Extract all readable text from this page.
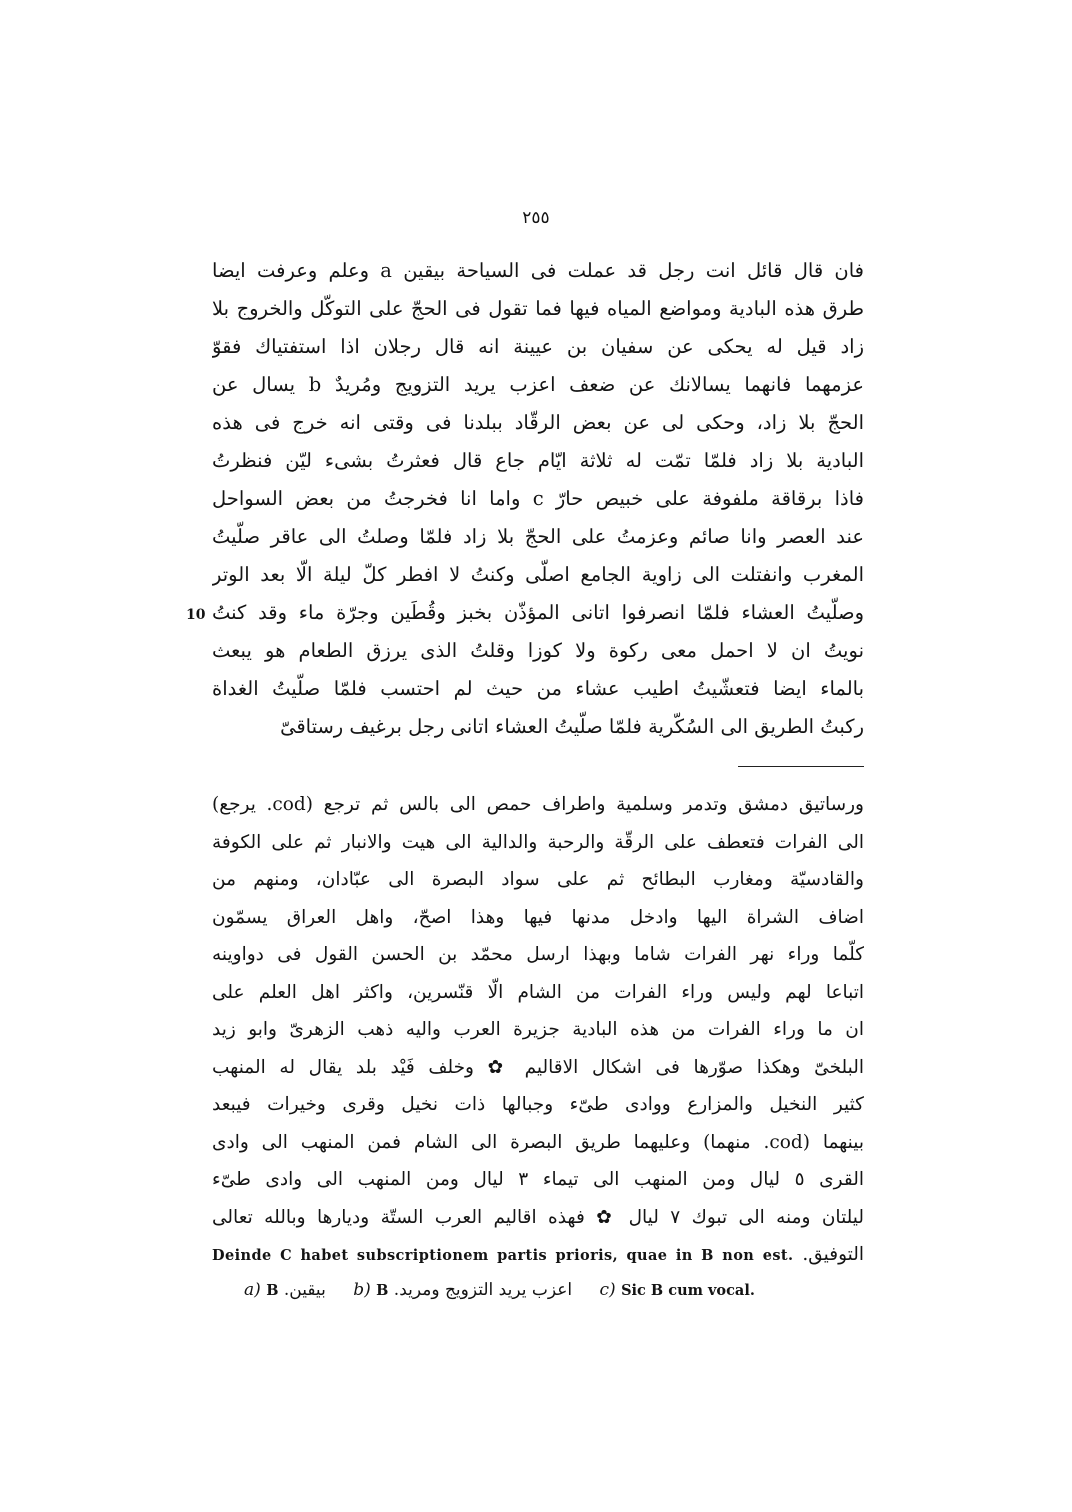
٢٥٥
فان قال قائل انت رجل قد عملت فى السياحة بيقين a وعلم وعرفت ايضا
طرق هذه البادية ومواضع المياه فيها فما تقول فى الحجّ على التوكّل والخروج بلا
زاد قيل له يحكى عن سفيان بن عيينة انه قال رجلان اذا استفتياك فقوّ
عزمهما فانهما يسالانك عن ضعف اعزب يريد التزويج ومُريدٌ b يسال عن
الحجّ بلا زاد، وحكى لى عن بعض الرقّاد ببلدنا فى وقتى انه خرج فى هذه
البادية بلا زاد فلمّا تمّت له ثلاثة ايّام جاع قال فعثرتُ بشىء ليّن فنظرتُ
فاذا برقاقة ملفوفة على خبيص حارّ c واما انا فخرجتُ من بعض السواحل
عند العصر وانا صائم وعزمتُ على الحجّ بلا زاد فلمّا وصلتُ الى عاقر صلّيتُ
المغرب وانفتلت الى زاوية الجامع اصلّى وكنتُ لا افطر كلّ ليلة الّا بعد الوتر
وصلّيتُ العشاء فلمّا انصرفوا اتانى المؤذّن بخبز وقُطَين وجرّة ماء وقد كنتُ
نويتُ ان لا احمل معى ركوة ولا كوزا وقلتُ الذى يرزق الطعام هو يبعث
بالماء ايضا فتعشّيتُ اطيب عشاء من حيث لم احتسب فلمّا صلّيتُ الغداة
ركبتُ الطريق الى السُكّرية فلمّا صلّيتُ العشاء اتانى رجل برغيف رستاقىّ
10
ورساتيق دمشق وتدمر وسلمية واطراف حمص الى بالس ثم ترجع (cod. يرجع)
الى الفرات فتعطف على الرقّة والرحبة والدالية الى هيت والانبار ثم على الكوفة
والقادسيّة ومغارب البطائح ثم على سواد البصرة الى عبّادان، ومنهم من
اضاف الشراة اليها وادخل مدنها فيها وهذا اصحّ، واهل العراق يسمّون
كلّما وراء نهر الفرات شاما وبهذا ارسل محمّد بن الحسن القول فى دواوينه
اتباعا لهم وليس وراء الفرات من الشام الّا قنّسرين، واكثر اهل العلم على
ان ما وراء الفرات من هذه البادية جزيرة العرب واليه ذهب الزهرىّ وابو زيد
البلخىّ وهكذا صوّرها فى اشكال الاقاليم ✿ وخلف فَيْد بلد يقال له المنهب
كثير النخيل والمزارع ووادى طىّء وجبالها ذات نخيل وقرى وخيرات فيبعد
بينهما (cod. منهما) وعليهما طريق البصرة الى الشام فمن المنهب الى وادى
القرى ٥ ليال ومن المنهب الى تيماء ٣ ليال ومن المنهب الى وادى طىّء
ليلتان ومنه الى تبوك ٧ ليال ✿ فهذه اقاليم العرب الستّة وديارها وبالله تعالى
التوفيق. Deinde C habet subscriptionem partis prioris, quae in B non est.
a) B بيقين. b) B اعزب يريد التزويج ومريد. c) Sic B cum vocal.
